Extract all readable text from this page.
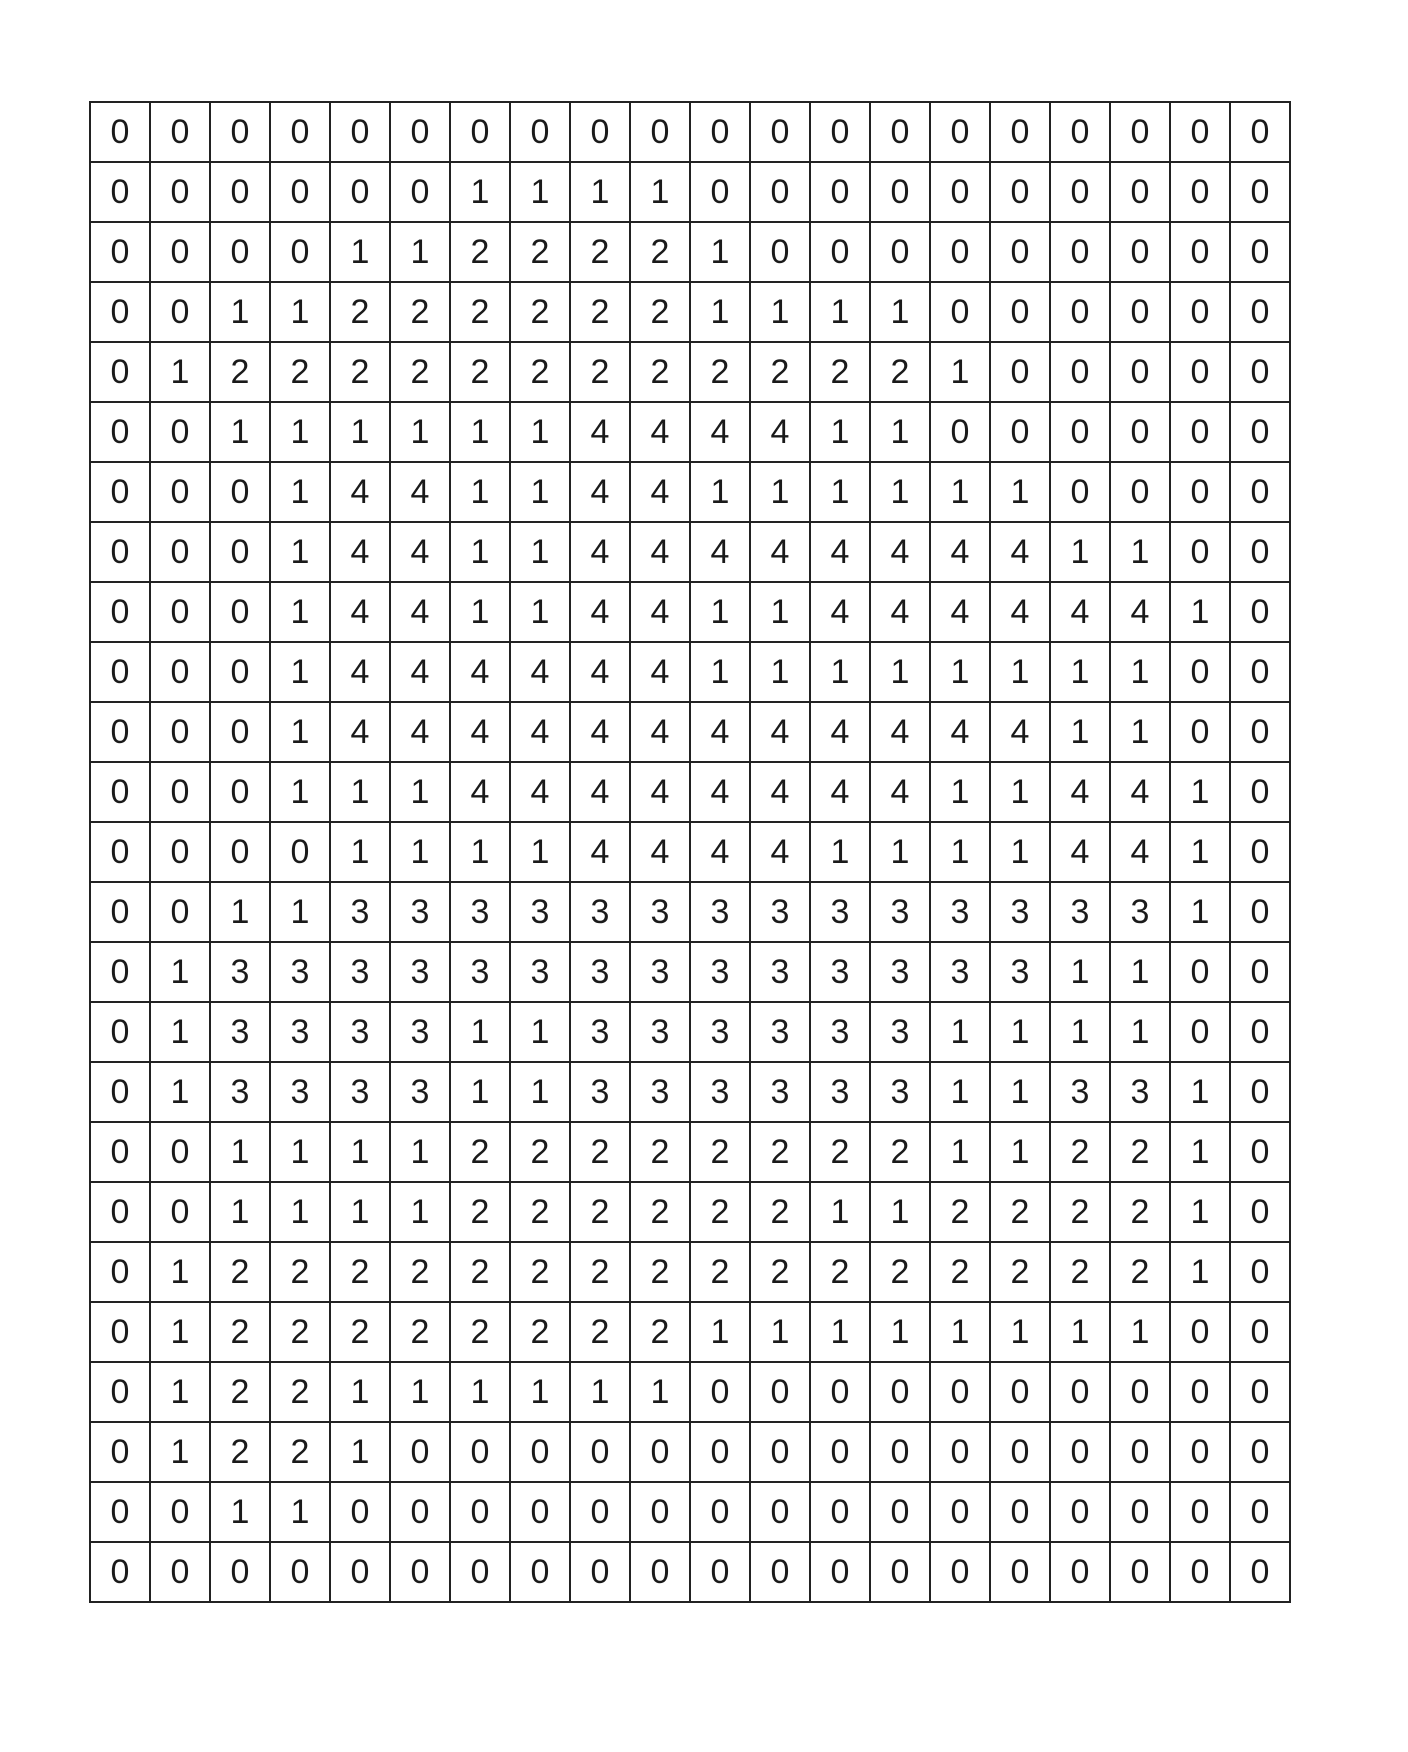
0	0	0	0	0	0	0	0	0	0	0	0	0	0	0	0	0	0	0	0
0	0	0	0	0	0	1	1	1	1	0	0	0	0	0	0	0	0	0	0
0	0	0	0	1	1	2	2	2	2	1	0	0	0	0	0	0	0	0	0
0	0	1	1	2	2	2	2	2	2	1	1	1	1	0	0	0	0	0	0
0	1	2	2	2	2	2	2	2	2	2	2	2	2	1	0	0	0	0	0
0	0	1	1	1	1	1	1	4	4	4	4	1	1	0	0	0	0	0	0
0	0	0	1	4	4	1	1	4	4	1	1	1	1	1	1	0	0	0	0
0	0	0	1	4	4	1	1	4	4	4	4	4	4	4	4	1	1	0	0
0	0	0	1	4	4	1	1	4	4	1	1	4	4	4	4	4	4	1	0
0	0	0	1	4	4	4	4	4	4	1	1	1	1	1	1	1	1	0	0
0	0	0	1	4	4	4	4	4	4	4	4	4	4	4	4	1	1	0	0
0	0	0	1	1	1	4	4	4	4	4	4	4	4	1	1	4	4	1	0
0	0	0	0	1	1	1	1	4	4	4	4	1	1	1	1	4	4	1	0
0	0	1	1	3	3	3	3	3	3	3	3	3	3	3	3	3	3	1	0
0	1	3	3	3	3	3	3	3	3	3	3	3	3	3	3	1	1	0	0
0	1	3	3	3	3	1	1	3	3	3	3	3	3	1	1	1	1	0	0
0	1	3	3	3	3	1	1	3	3	3	3	3	3	1	1	3	3	1	0
0	0	1	1	1	1	2	2	2	2	2	2	2	2	1	1	2	2	1	0
0	0	1	1	1	1	2	2	2	2	2	2	1	1	2	2	2	2	1	0
0	1	2	2	2	2	2	2	2	2	2	2	2	2	2	2	2	2	1	0
0	1	2	2	2	2	2	2	2	2	1	1	1	1	1	1	1	1	0	0
0	1	2	2	1	1	1	1	1	1	0	0	0	0	0	0	0	0	0	0
0	1	2	2	1	0	0	0	0	0	0	0	0	0	0	0	0	0	0	0
0	0	1	1	0	0	0	0	0	0	0	0	0	0	0	0	0	0	0	0
0	0	0	0	0	0	0	0	0	0	0	0	0	0	0	0	0	0	0	0
